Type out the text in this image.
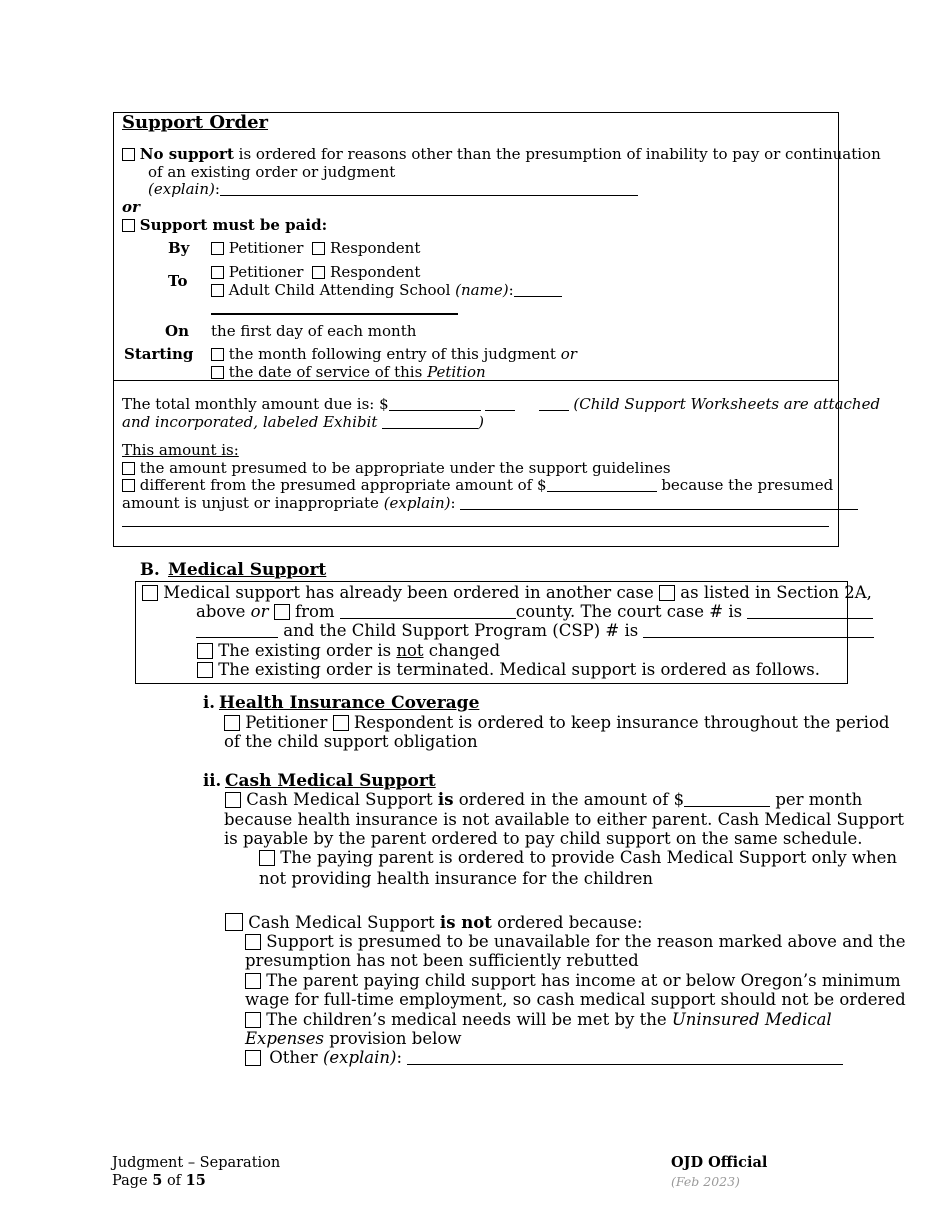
Support Order
No support is ordered for reasons other than the presumption of inability to pay or continuation
of an existing order or judgment
(explain):
or
Support must be paid:
By	Petitioner Respondent
To	Petitioner Respondent
Adult Child Attending School (name):
On the first day of each month
Starting	the month following entry of this judgment or
the date of service of this Petition
The total monthly amount due is: $	(Child Support Worksheets are attached
and incorporated, labeled Exhibit	)
This amount is:
the amount presumed to be appropriate under the support guidelines
different from the presumed appropriate amount of $	because the presumed
amount is unjust or inappropriate (explain):
B. Medical Support
Medical support has already been ordered in another case as listed in Section 2A,
above or from	county. The court case # is
and the Child Support Program (CSP) # is
The existing order is not changed
The existing order is terminated. Medical support is ordered as follows.
i. Health Insurance Coverage
Petitioner Respondent is ordered to keep insurance throughout the period
of the child support obligation
ii. Cash Medical Support
Cash Medical Support is ordered in the amount of $	per month
because health insurance is not available to either parent. Cash Medical Support
is payable by the parent ordered to pay child support on the same schedule.
The paying parent is ordered to provide Cash Medical Support only when
not providing health insurance for the children
Cash Medical Support is not ordered because:
Support is presumed to be unavailable for the reason marked above and the
presumption has not been sufficiently rebutted
The parent paying child support has income at or below Oregon’s minimum
wage for full-time employment, so cash medical support should not be ordered
The children’s medical needs will be met by the Uninsured Medical
Expenses provision below
Other (explain):
Judgment – Separation
Page 5 of 15
OJD Official
(Feb 2023)
